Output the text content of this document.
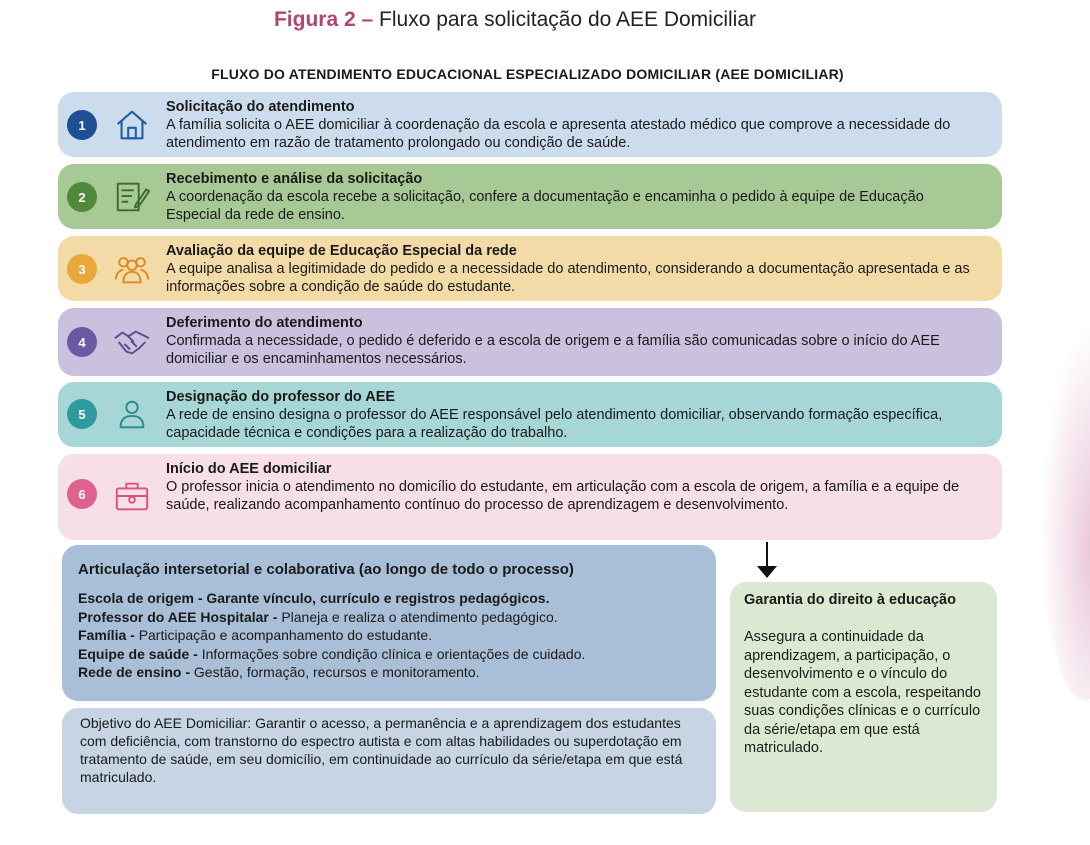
Figura 2 – Fluxo para solicitação do AEE Domiciliar
FLUXO DO ATENDIMENTO EDUCACIONAL ESPECIALIZADO DOMICILIAR (AEE DOMICILIAR)
1
Solicitação do atendimento
A família solicita o AEE domiciliar à coordenação da escola e apresenta atestado médico que comprove a necessidade do atendimento em razão de tratamento prolongado ou condição de saúde.
2
Recebimento e análise da solicitação
A coordenação da escola recebe a solicitação, confere a documentação e encaminha o pedido à equipe de Educação Especial da rede de ensino.
3
Avaliação da equipe de Educação Especial da rede
A equipe analisa a legitimidade do pedido e a necessidade do atendimento, considerando a documentação apresentada e as informações sobre a condição de saúde do estudante.
4
Deferimento do atendimento
Confirmada a necessidade, o pedido é deferido e a escola de origem e a família são comunicadas sobre o início do AEE domiciliar e os encaminhamentos necessários.
5
Designação do professor do AEE
A rede de ensino designa o professor do AEE responsável pelo atendimento domiciliar, observando formação específica, capacidade técnica e condições para a realização do trabalho.
6
Início do AEE domiciliar
O professor inicia o atendimento no domicílio do estudante, em articulação com a escola de origem, a família e a equipe de saúde, realizando acompanhamento contínuo do processo de aprendizagem e desenvolvimento.
Articulação intersetorial e colaborativa (ao longo de todo o processo)
Escola de origem - Garante vínculo, currículo e registros pedagógicos.
Professor do AEE Hospitalar - Planeja e realiza o atendimento pedagógico.
Família - Participação e acompanhamento do estudante.
Equipe de saúde - Informações sobre condição clínica e orientações de cuidado.
Rede de ensino - Gestão, formação, recursos e monitoramento.
Objetivo do AEE Domiciliar: Garantir o acesso, a permanência e a aprendizagem dos estudantes com deficiência, com transtorno do espectro autista e com altas habilidades ou superdotação em tratamento de saúde, em seu domicílio, em continuidade ao currículo da série/etapa em que está matriculado.
Garantia do direito à educação
Assegura a continuidade da aprendizagem, a participação, o desenvolvimento e o vínculo do estudante com a escola, respeitando suas condições clínicas e o currículo da série/etapa em que está matriculado.
